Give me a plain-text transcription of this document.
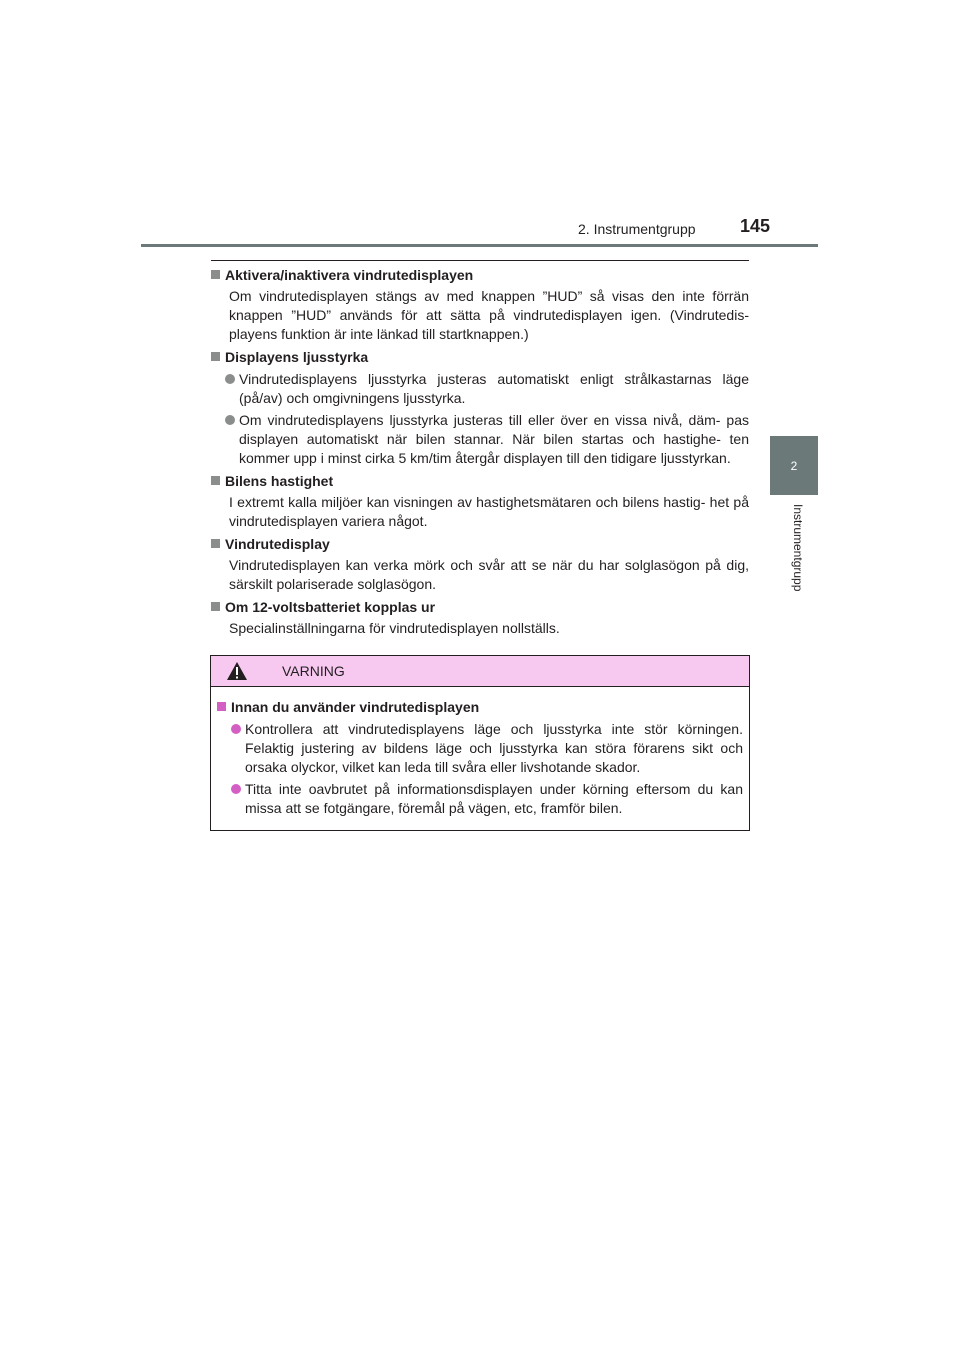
2. Instrumentgrupp 145
2
Instrumentgrupp
Aktivera/inaktivera vindrutedisplayen
Om vindrutedisplayen stängs av med knappen ”HUD” så visas den inte förrän knappen ”HUD” används för att sätta på vindrutedisplayen igen. (Vindrutedis- playens funktion är inte länkad till startknappen.)
Displayens ljusstyrka
Vindrutedisplayens ljusstyrka justeras automatiskt enligt strålkastarnas läge (på/av) och omgivningens ljusstyrka.
Om vindrutedisplayens ljusstyrka justeras till eller över en vissa nivå, däm- pas displayen automatiskt när bilen stannar. När bilen startas och hastighe- ten kommer upp i minst cirka 5 km/tim återgår displayen till den tidigare ljusstyrkan.
Bilens hastighet
I extremt kalla miljöer kan visningen av hastighetsmätaren och bilens hastig- het på vindrutedisplayen variera något.
Vindrutedisplay
Vindrutedisplayen kan verka mörk och svår att se när du har solglasögon på dig, särskilt polariserade solglasögon.
Om 12-voltsbatteriet kopplas ur
Specialinställningarna för vindrutedisplayen nollställs.
VARNING
Innan du använder vindrutedisplayen
Kontrollera att vindrutedisplayens läge och ljusstyrka inte stör körningen. Felaktig justering av bildens läge och ljusstyrka kan störa förarens sikt och orsaka olyckor, vilket kan leda till svåra eller livshotande skador.
Titta inte oavbrutet på informationsdisplayen under körning eftersom du kan missa att se fotgängare, föremål på vägen, etc, framför bilen.
